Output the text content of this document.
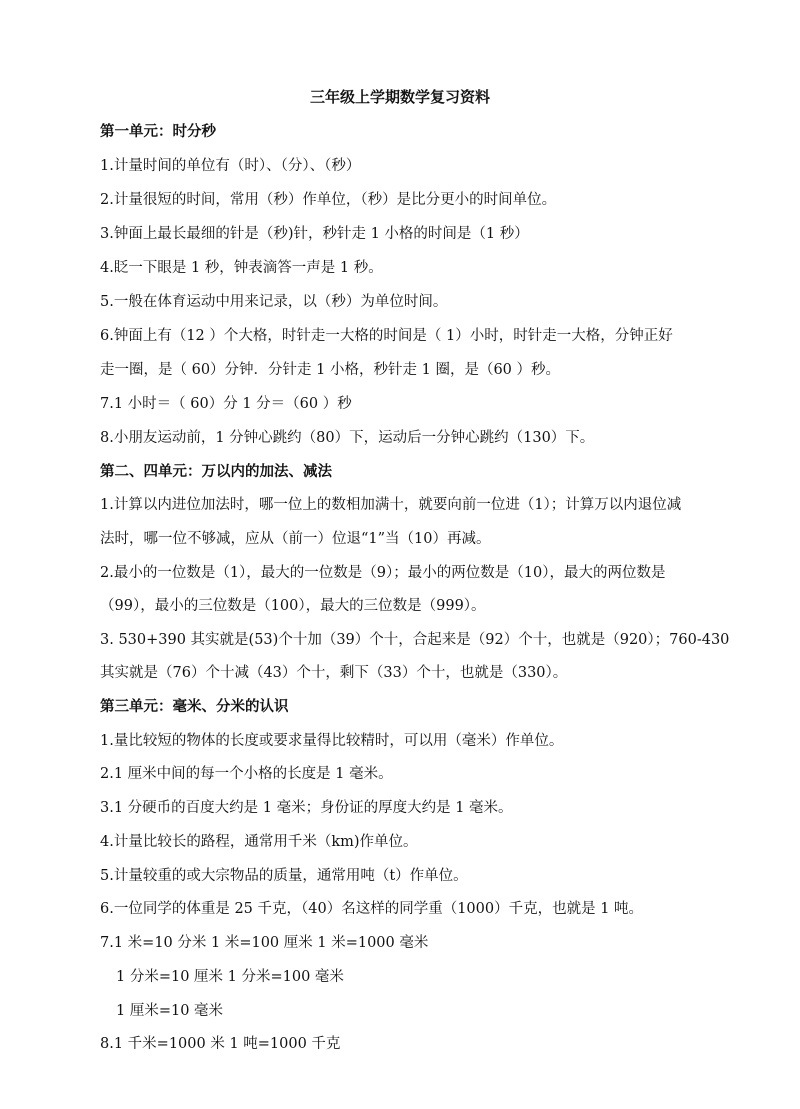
三年级上学期数学复习资料
第一单元：时分秒
1.计量时间的单位有（时）、（分）、（秒）
2.计量很短的时间，常用（秒）作单位，（秒）是比分更小的时间单位。
3.钟面上最长最细的针是（秒)针，秒针走 1 小格的时间是（1 秒）
4.眨一下眼是 1 秒，钟表滴答一声是 1 秒。
5.一般在体育运动中用来记录，以（秒）为单位时间。
6.钟面上有（12 ）个大格，时针走一大格的时间是（ 1）小时，时针走一大格，分钟正好
走一圈，是（ 60）分钟．分针走 1 小格，秒针走 1 圈，是（60 ）秒。
7.1 小时＝（ 60）分 1 分＝（60 ）秒
8.小朋友运动前，1 分钟心跳约（80）下，运动后一分钟心跳约（130）下。
第二、四单元：万以内的加法、减法
1.计算以内进位加法时，哪一位上的数相加满十，就要向前一位进（1）；计算万以内退位减
法时，哪一位不够减，应从（前一）位退“1”当（10）再减。
2.最小的一位数是（1），最大的一位数是（9）；最小的两位数是（10），最大的两位数是
（99），最小的三位数是（100），最大的三位数是（999）。
3. 530+390 其实就是(53)个十加（39）个十，合起来是（92）个十，也就是（920）；760-430
其实就是（76）个十减（43）个十，剩下（33）个十，也就是（330）。
第三单元：毫米、分米的认识
1.量比较短的物体的长度或要求量得比较精时，可以用（毫米）作单位。
2.1 厘米中间的每一个小格的长度是 1 毫米。
3.1 分硬币的百度大约是 1 毫米；身份证的厚度大约是 1 毫米。
4.计量比较长的路程，通常用千米（km)作单位。
5.计量较重的或大宗物品的质量，通常用吨（t）作单位。
6.一位同学的体重是 25 千克，（40）名这样的同学重（1000）千克，也就是 1 吨。
7.1 米=10 分米 1 米=100 厘米 1 米=1000 毫米
1 分米=10 厘米 1 分米=100 毫米
1 厘米=10 毫米
8.1 千米=1000 米 1 吨=1000 千克
